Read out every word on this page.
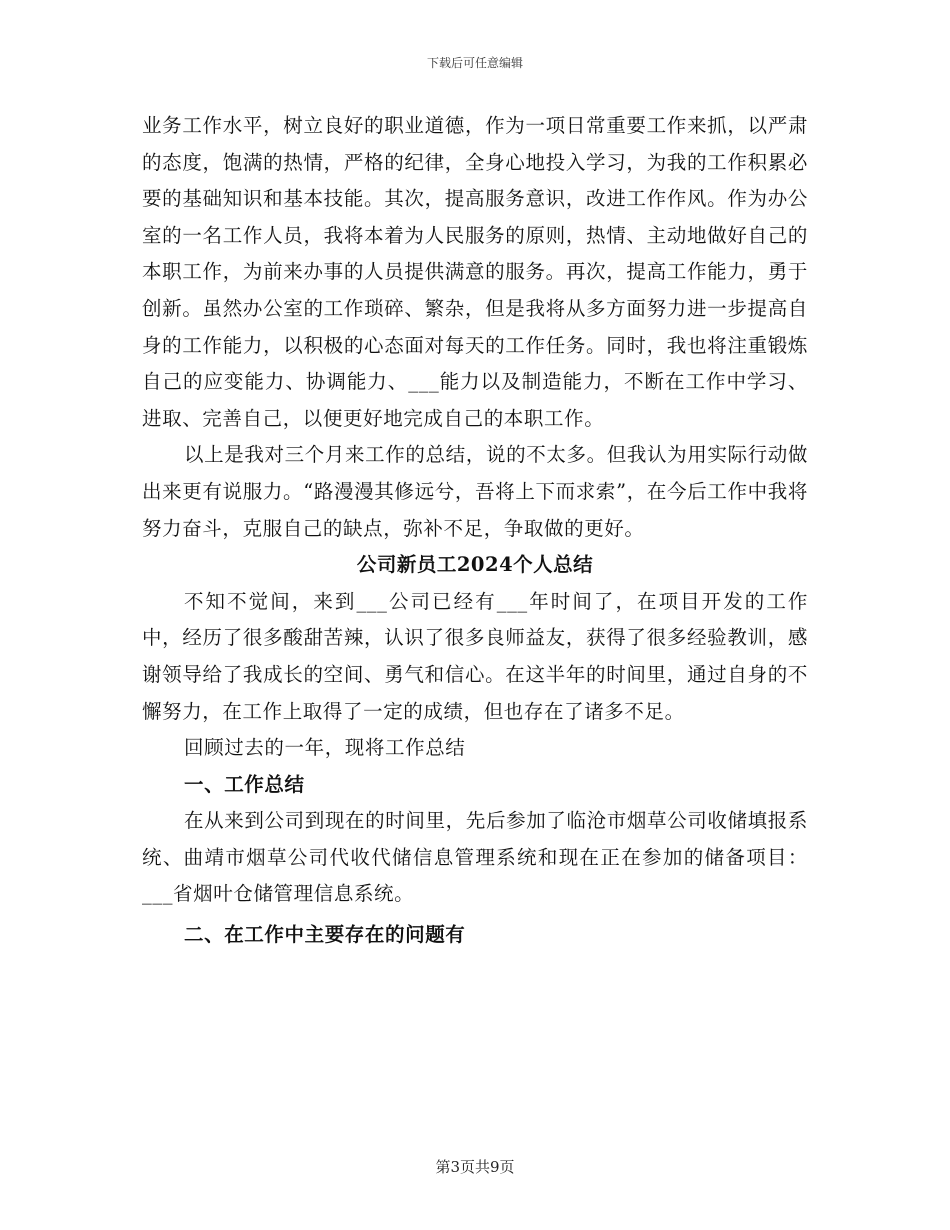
下载后可任意编辑

业务工作水平，树立良好的职业道德，作为一项日常重要工作来抓，以严肃的态度，饱满的热情，严格的纪律，全身心地投入学习，为我的工作积累必要的基础知识和基本技能。其次，提高服务意识，改进工作作风。作为办公室的一名工作人员，我将本着为人民服务的原则，热情、主动地做好自己的本职工作，为前来办事的人员提供满意的服务。再次，提高工作能力，勇于创新。虽然办公室的工作琐碎、繁杂，但是我将从多方面努力进一步提高自身的工作能力，以积极的心态面对每天的工作任务。同时，我也将注重锻炼自己的应变能力、协调能力、___能力以及制造能力，不断在工作中学习、进取、完善自己，以便更好地完成自己的本职工作。

以上是我对三个月来工作的总结，说的不太多。但我认为用实际行动做出来更有说服力。“路漫漫其修远兮，吾将上下而求索”，在今后工作中我将努力奋斗，克服自己的缺点，弥补不足，争取做的更好。

公司新员工2024个人总结

不知不觉间，来到___公司已经有___年时间了，在项目开发的工作中，经历了很多酸甜苦辣，认识了很多良师益友，获得了很多经验教训，感谢领导给了我成长的空间、勇气和信心。在这半年的时间里，通过自身的不懈努力，在工作上取得了一定的成绩，但也存在了诸多不足。

回顾过去的一年，现将工作总结

一、工作总结

在从来到公司到现在的时间里，先后参加了临沧市烟草公司收储填报系统、曲靖市烟草公司代收代储信息管理系统和现在正在参加的储备项目：___省烟叶仓储管理信息系统。

二、在工作中主要存在的问题有

第3页共9页
